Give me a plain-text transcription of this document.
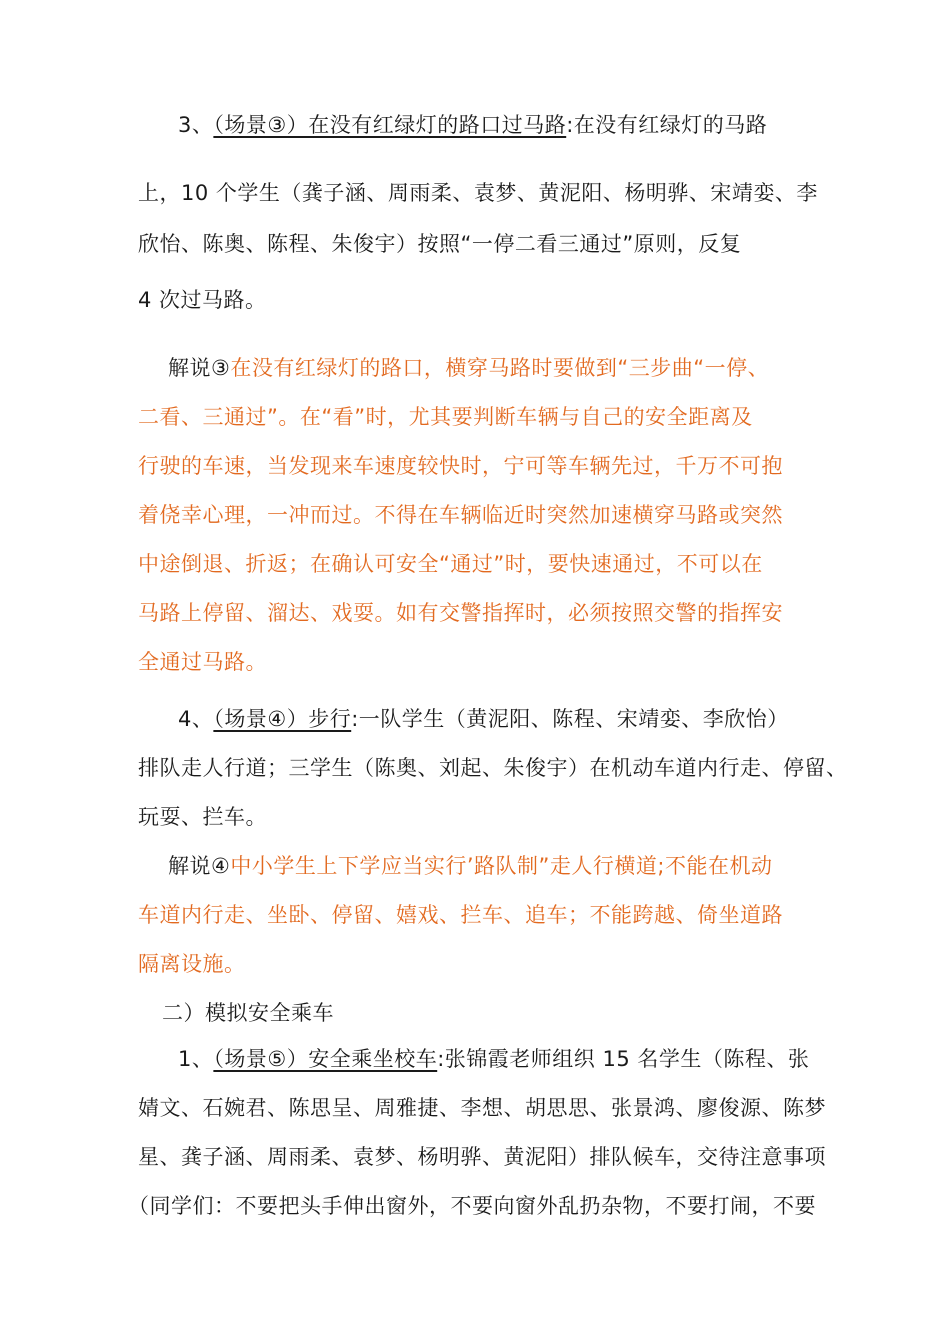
3、（场景③）在没有红绿灯的路口过马路:在没有红绿灯的马路
上，10 个学生（龚子涵、周雨柔、袁梦、黄泥阳、杨明骅、宋靖娈、李
欣怡、陈奥、陈程、朱俊宇）按照“一停二看三通过”原则，反复
4 次过马路。
解说③在没有红绿灯的路口，横穿马路时要做到“三步曲“一停、
二看、三通过”。在“看”时，尤其要判断车辆与自己的安全距离及
行驶的车速，当发现来车速度较快时，宁可等车辆先过，千万不可抱
着侥幸心理，一冲而过。不得在车辆临近时突然加速横穿马路或突然
中途倒退、折返；在确认可安全“通过”时，要快速通过，不可以在
马路上停留、溜达、戏耍。如有交警指挥时，必须按照交警的指挥安
全通过马路。
4、（场景④）步行:一队学生（黄泥阳、陈程、宋靖娈、李欣怡）
排队走人行道；三学生（陈奥、刘起、朱俊宇）在机动车道内行走、停留、
玩耍、拦车。
解说④中小学生上下学应当实行’路队制”走人行横道;不能在机动
车道内行走、坐卧、停留、嬉戏、拦车、追车；不能跨越、倚坐道路
隔离设施。
二）模拟安全乘车
1、（场景⑤）安全乘坐校车:张锦霞老师组织 15 名学生（陈程、张
婧文、石婉君、陈思呈、周雅捷、李想、胡思思、张景鸿、廖俊源、陈梦
星、龚子涵、周雨柔、袁梦、杨明骅、黄泥阳）排队候车，交待注意事项
（同学们：不要把头手伸出窗外，不要向窗外乱扔杂物，不要打闹，不要
